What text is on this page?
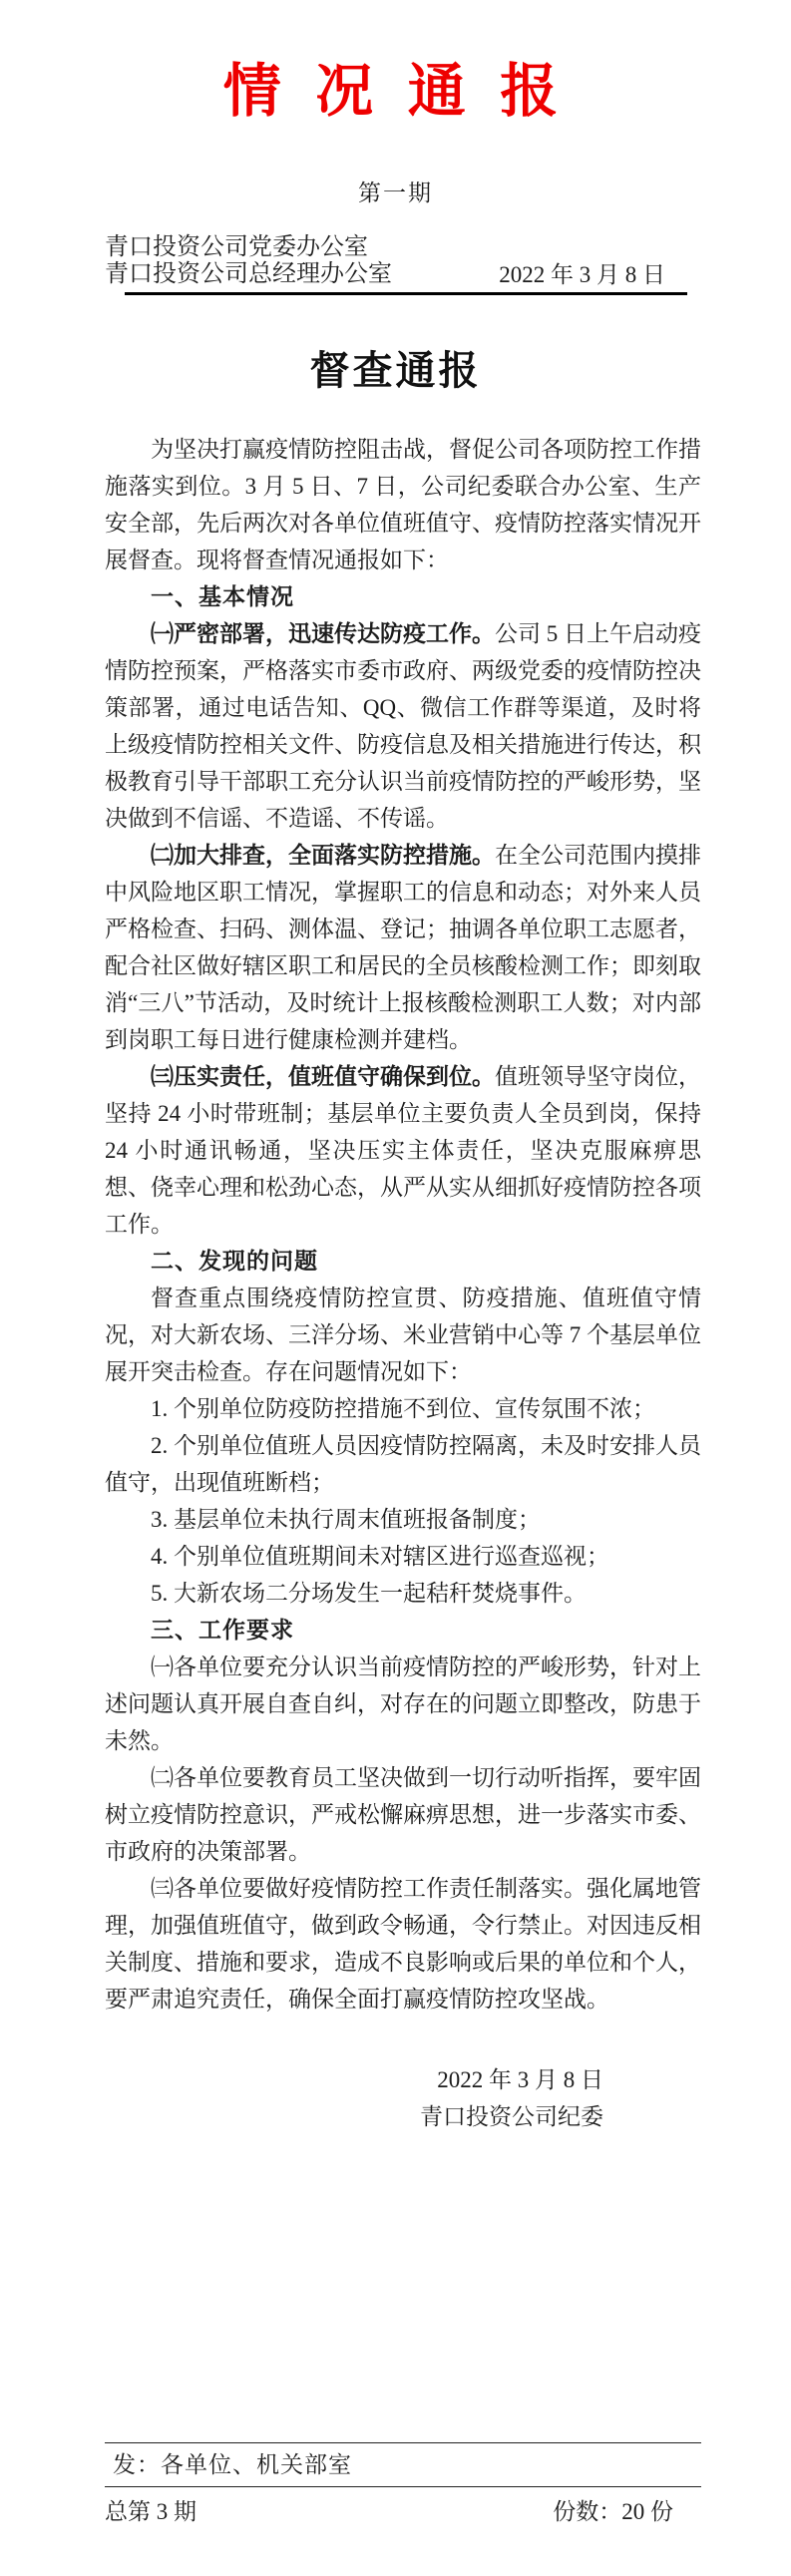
情 况 通 报
第一期
青口投资公司党委办公室
青口投资公司总经理办公室	2022 年 3 月 8 日
督查通报

为坚决打赢疫情防控阻击战，督促公司各项防控工作措施落实到位。3 月 5 日、7 日，公司纪委联合办公室、生产安全部，先后两次对各单位值班值守、疫情防控落实情况开展督查。现将督查情况通报如下：

一、基本情况

㈠严密部署，迅速传达防疫工作。公司 5 日上午启动疫情防控预案，严格落实市委市政府、两级党委的疫情防控决策部署，通过电话告知、QQ、微信工作群等渠道，及时将上级疫情防控相关文件、防疫信息及相关措施进行传达，积极教育引导干部职工充分认识当前疫情防控的严峻形势，坚决做到不信谣、不造谣、不传谣。

㈡加大排查，全面落实防控措施。在全公司范围内摸排中风险地区职工情况，掌握职工的信息和动态；对外来人员严格检查、扫码、测体温、登记；抽调各单位职工志愿者，配合社区做好辖区职工和居民的全员核酸检测工作；即刻取消“三八”节活动，及时统计上报核酸检测职工人数；对内部到岗职工每日进行健康检测并建档。

㈢压实责任，值班值守确保到位。值班领导坚守岗位，坚持 24 小时带班制；基层单位主要负责人全员到岗，保持 24 小时通讯畅通，坚决压实主体责任，坚决克服麻痹思想、侥幸心理和松劲心态，从严从实从细抓好疫情防控各项工作。

二、发现的问题

督查重点围绕疫情防控宣贯、防疫措施、值班值守情况，对大新农场、三洋分场、米业营销中心等 7 个基层单位展开突击检查。存在问题情况如下：

1. 个别单位防疫防控措施不到位、宣传氛围不浓；

2. 个别单位值班人员因疫情防控隔离，未及时安排人员值守，出现值班断档；

3. 基层单位未执行周末值班报备制度；

4. 个别单位值班期间未对辖区进行巡查巡视；

5. 大新农场二分场发生一起秸秆焚烧事件。

三、工作要求

㈠各单位要充分认识当前疫情防控的严峻形势，针对上述问题认真开展自查自纠，对存在的问题立即整改，防患于未然。

㈡各单位要教育员工坚决做到一切行动听指挥，要牢固树立疫情防控意识，严戒松懈麻痹思想，进一步落实市委、市政府的决策部署。

㈢各单位要做好疫情防控工作责任制落实。强化属地管理，加强值班值守，做到政令畅通，令行禁止。对因违反相关制度、措施和要求，造成不良影响或后果的单位和个人，要严肃追究责任，确保全面打赢疫情防控攻坚战。

2022 年 3 月 8 日
青口投资公司纪委
发：各单位、机关部室
总第 3 期	份数：20 份
